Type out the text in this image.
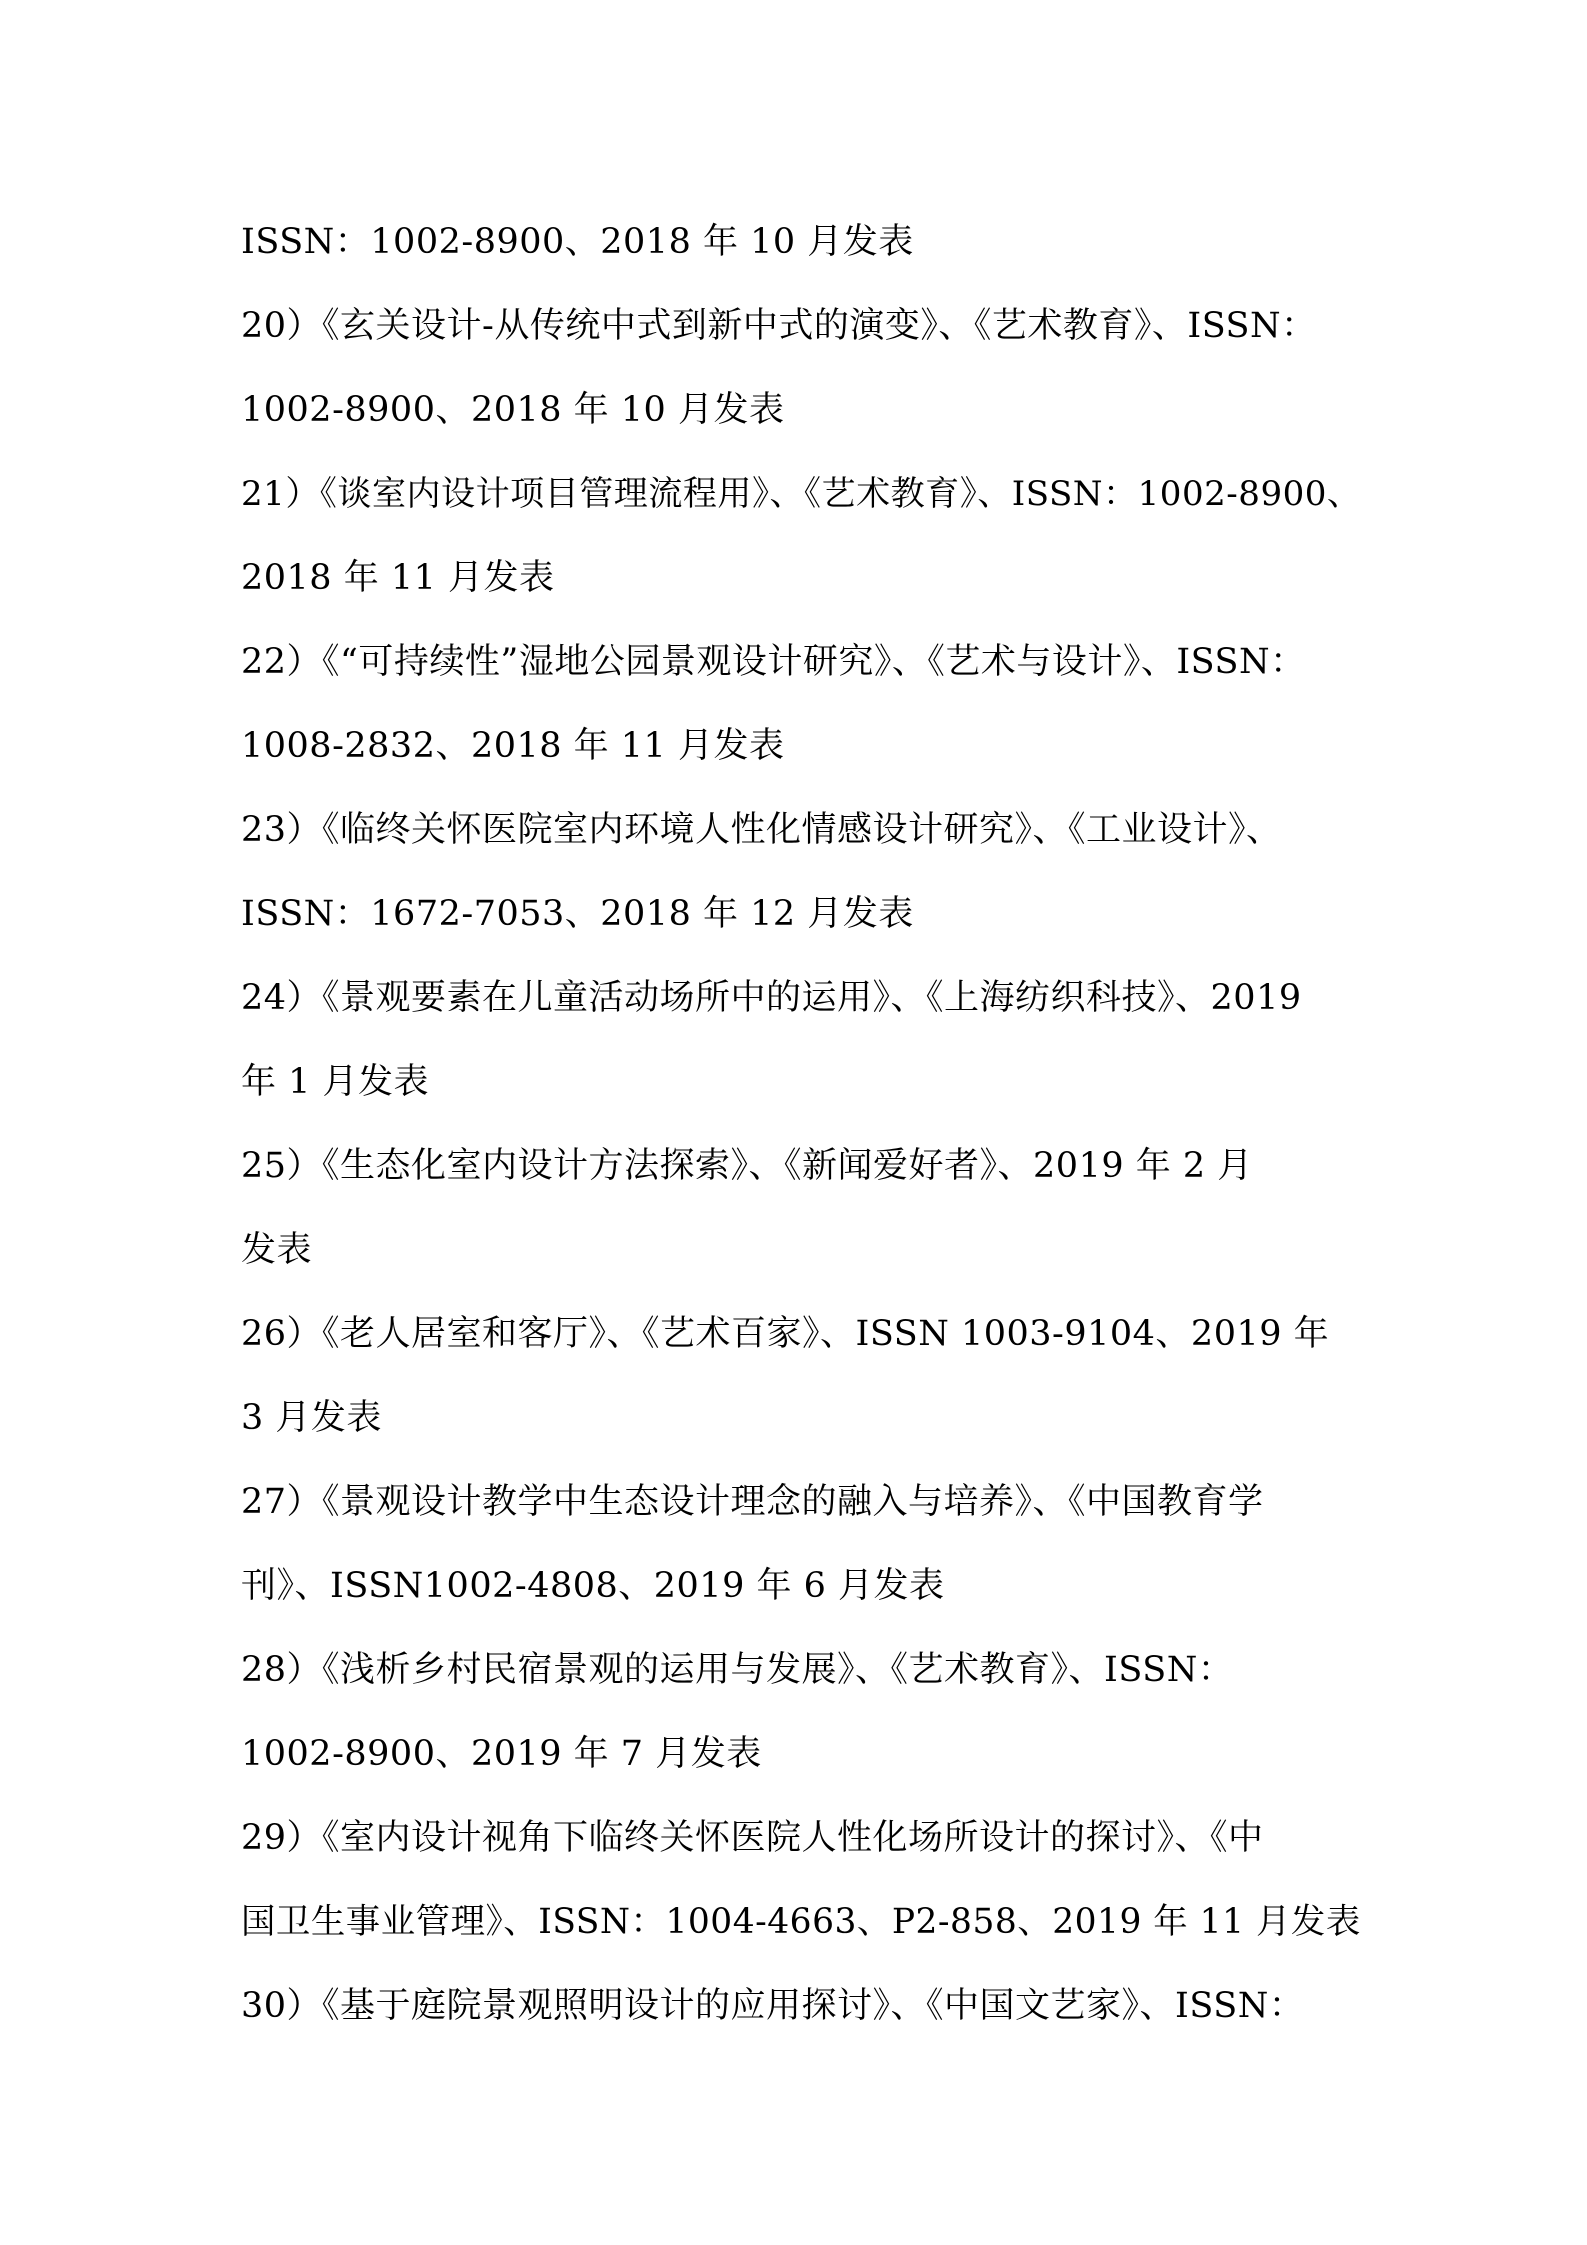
ISSN：1002-8900、2018 年 10 月发表
20）《玄关设计-从传统中式到新中式的演变》、《艺术教育》、ISSN：
1002-8900、2018 年 10 月发表
21）《谈室内设计项目管理流程用》、《艺术教育》、ISSN：1002-8900、
2018 年 11 月发表
22）《“可持续性”湿地公园景观设计研究》、《艺术与设计》、ISSN：
1008-2832、2018 年 11 月发表
23）《临终关怀医院室内环境人性化情感设计研究》、《工业设计》、
ISSN：1672-7053、2018 年 12 月发表
24）《景观要素在儿童活动场所中的运用》、《上海纺织科技》、2019
年 1 月发表
25）《生态化室内设计方法探索》、《新闻爱好者》、2019 年 2 月
发表
26）《老人居室和客厅》、《艺术百家》、ISSN 1003-9104、2019 年
3 月发表
27）《景观设计教学中生态设计理念的融入与培养》、《中国教育学
刊》、ISSN1002-4808、2019 年 6 月发表
28）《浅析乡村民宿景观的运用与发展》、《艺术教育》、ISSN：
1002-8900、2019 年 7 月发表
29）《室内设计视角下临终关怀医院人性化场所设计的探讨》、《中
国卫生事业管理》、ISSN：1004-4663、P2-858、2019 年 11 月发表
30）《基于庭院景观照明设计的应用探讨》、《中国文艺家》、ISSN：
